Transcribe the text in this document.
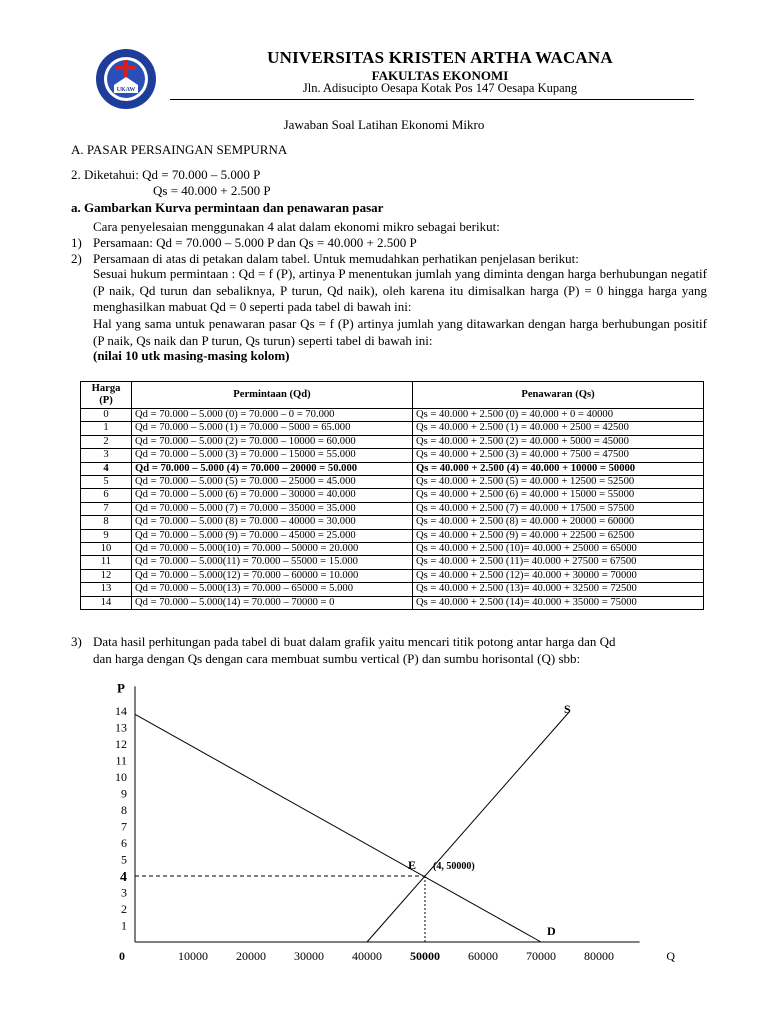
UKAW
UNIVERSITAS KRISTEN ARTHA WACANA
FAKULTAS EKONOMI
Jln. Adisucipto Oesapa Kotak Pos 147 Oesapa Kupang
Jawaban Soal Latihan Ekonomi Mikro
A. PASAR PERSAINGAN SEMPURNA
2. Diketahui: Qd = 70.000 – 5.000 P
Qs = 40.000 + 2.500 P
a. Gambarkan Kurva permintaan dan penawaran pasar
Cara penyelesaian menggunakan 4 alat dalam ekonomi mikro sebagai berikut:
1) Persamaan: Qd = 70.000 – 5.000 P dan Qs = 40.000 + 2.500 P
2) Persamaan di atas di petakan dalam tabel. Untuk memudahkan perhatikan penjelasan berikut:
Sesuai hukum permintaan : Qd = f (P), artinya P menentukan jumlah yang diminta dengan harga berhubungan negatif (P naik, Qd turun dan sebaliknya, P turun, Qd naik), oleh karena itu dimisalkan harga (P) = 0 hingga harga yang menghasilkan mabuat Qd = 0 seperti pada tabel di bawah ini:
Hal yang sama untuk penawaran pasar Qs = f (P) artinya jumlah yang ditawarkan dengan harga berhubungan positif (P naik, Qs naik dan P turun, Qs turun) seperti tabel di bawah ini:
(nilai 10 utk masing-masing kolom)
Harga
(P)	Permintaan (Qd)	Penawaran (Qs)
0	Qd = 70.000 – 5.000 (0) = 70.000 – 0 = 70.000	Qs = 40.000 + 2.500 (0) = 40.000 + 0 = 40000
1	Qd = 70.000 – 5.000 (1) = 70.000 – 5000 = 65.000	Qs = 40.000 + 2.500 (1) = 40.000 + 2500 = 42500
2	Qd = 70.000 – 5.000 (2) = 70.000 – 10000 = 60.000	Qs = 40.000 + 2.500 (2) = 40.000 + 5000 = 45000
3	Qd = 70.000 – 5.000 (3) = 70.000 – 15000 = 55.000	Qs = 40.000 + 2.500 (3) = 40.000 + 7500 = 47500
4	Qd = 70.000 – 5.000 (4) = 70.000 – 20000 = 50.000	Qs = 40.000 + 2.500 (4) = 40.000 + 10000 = 50000
5	Qd = 70.000 – 5.000 (5) = 70.000 – 25000 = 45.000	Qs = 40.000 + 2.500 (5) = 40.000 + 12500 = 52500
6	Qd = 70.000 – 5.000 (6) = 70.000 – 30000 = 40.000	Qs = 40.000 + 2.500 (6) = 40.000 + 15000 = 55000
7	Qd = 70.000 – 5.000 (7) = 70.000 – 35000 = 35.000	Qs = 40.000 + 2.500 (7) = 40.000 + 17500 = 57500
8	Qd = 70.000 – 5.000 (8) = 70.000 – 40000 = 30.000	Qs = 40.000 + 2.500 (8) = 40.000 + 20000 = 60000
9	Qd = 70.000 – 5.000 (9) = 70.000 – 45000 = 25.000	Qs = 40.000 + 2.500 (9) = 40.000 + 22500 = 62500
10	Qd = 70.000 – 5.000(10) = 70.000 – 50000 = 20.000	Qs = 40.000 + 2.500 (10)= 40.000 + 25000 = 65000
11	Qd = 70.000 – 5.000(11) = 70.000 – 55000 = 15.000	Qs = 40.000 + 2.500 (11)= 40.000 + 27500 = 67500
12	Qd = 70.000 – 5.000(12) = 70.000 – 60000 = 10.000	Qs = 40.000 + 2.500 (12)= 40.000 + 30000 = 70000
13	Qd = 70.000 – 5.000(13) = 70.000 – 65000 = 5.000	Qs = 40.000 + 2.500 (13)= 40.000 + 32500 = 72500
14	Qd = 70.000 – 5.000(14) = 70.000 – 70000 = 0	Qs = 40.000 + 2.500 (14)= 40.000 + 35000 = 75000
3) Data hasil perhitungan pada tabel di buat dalam grafik yaitu mencari titik potong antar harga dan Qd
dan harga dengan Qs dengan cara membuat sumbu vertical (P) dan sumbu horisontal (Q) sbb:
P
Q
0
1
2
3
4
5
6
7
8
9
10
11
12
13
14
10000 20000 30000 40000 50000 60000 70000 80000
D
S
E (4, 50000)
